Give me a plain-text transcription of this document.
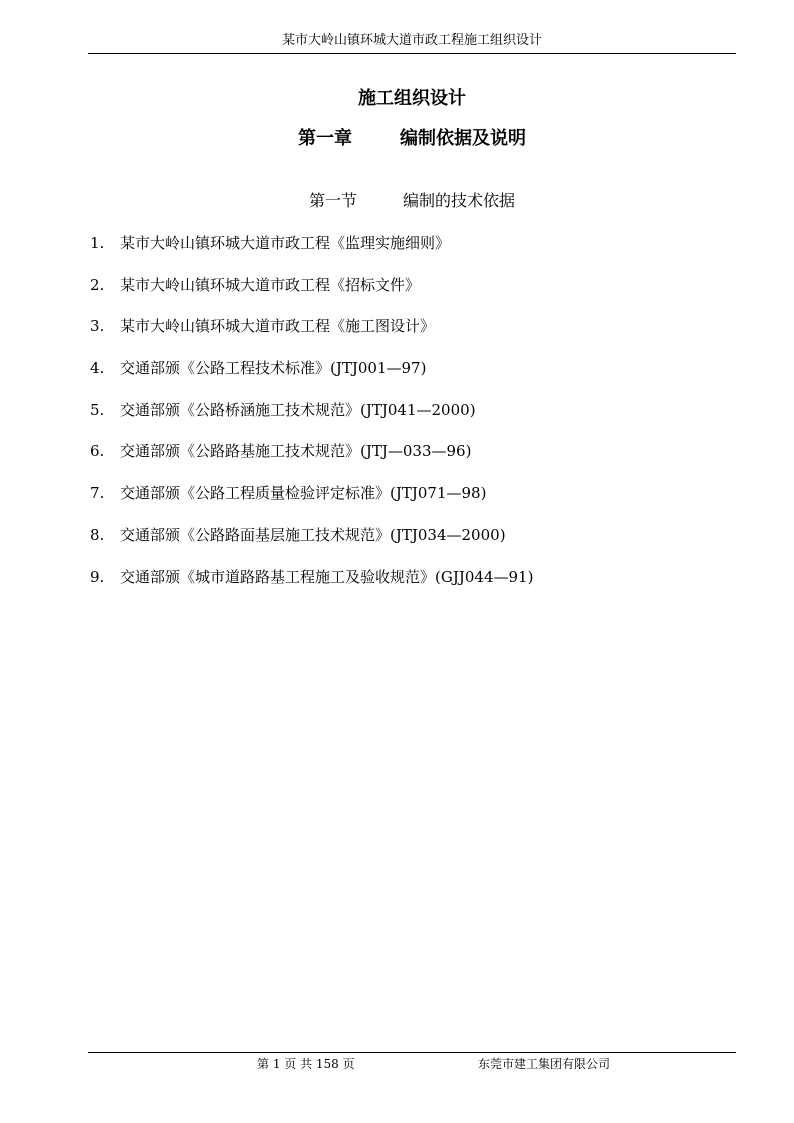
某市大岭山镇环城大道市政工程施工组织设计
施工组织设计
第一章	编制依据及说明
第一节	编制的技术依据
1. 某市大岭山镇环城大道市政工程《监理实施细则》
2. 某市大岭山镇环城大道市政工程《招标文件》
3. 某市大岭山镇环城大道市政工程《施工图设计》
4. 交通部颁《公路工程技术标准》(JTJ001—97)
5. 交通部颁《公路桥涵施工技术规范》(JTJ041—2000)
6. 交通部颁《公路路基施工技术规范》(JTJ—033—96)
7. 交通部颁《公路工程质量检验评定标准》(JTJ071—98)
8. 交通部颁《公路路面基层施工技术规范》(JTJ034—2000)
9. 交通部颁《城市道路路基工程施工及验收规范》(GJJ044—91)
第 1 页 共 158 页	东莞市建工集团有限公司
